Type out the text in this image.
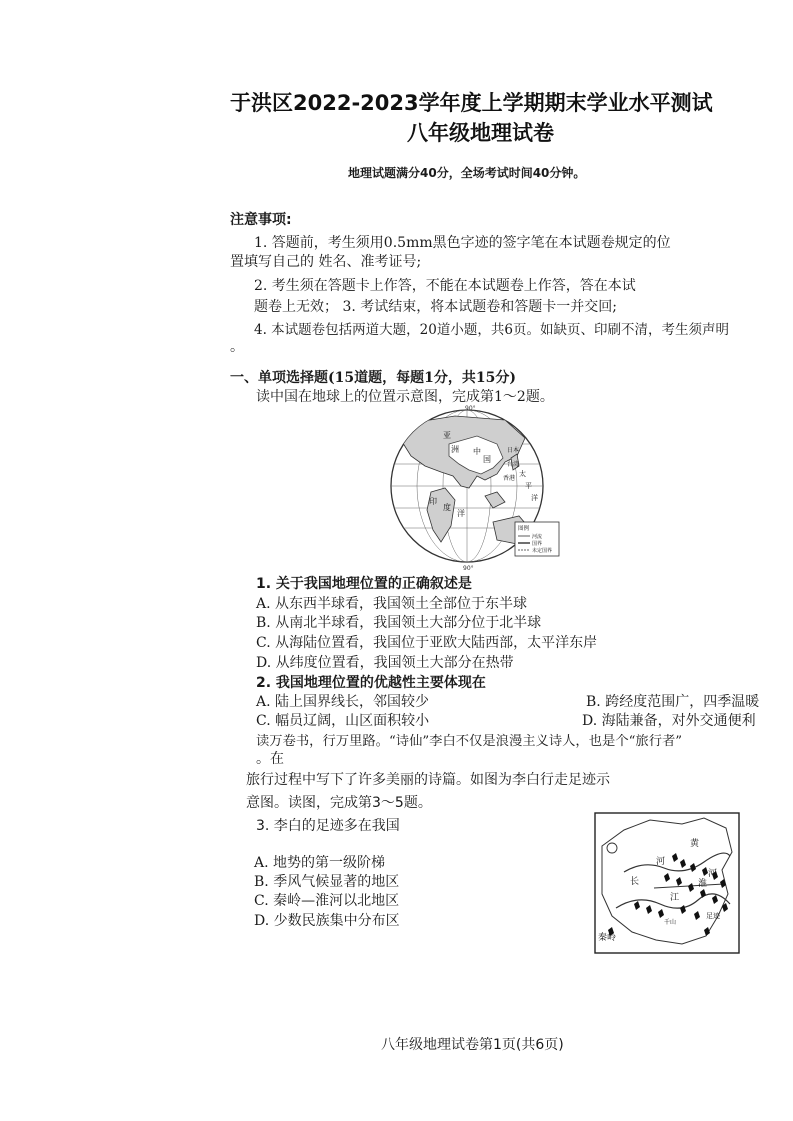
于洪区2022-2023学年度上学期期末学业水平测试
八年级地理试卷
地理试题满分40分，全场考试时间40分钟。
注意事项:
1. 答题前，考生须用0.5mm黑色字迹的签字笔在本试题卷规定的位
置填写自己的 姓名、准考证号;
2. 考生须在答题卡上作答，不能在本试题卷上作答，答在本试
题卷上无效； 3. 考试结束，将本试题卷和答题卡一并交回;
4. 本试题卷包括两道大题，20道小题，共6页。如缺页、印刷不清，考生须声明
。
一、单项选择题(15道题，每题1分，共15分)
读中国在地球上的位置示意图，完成第1～2题。
90°
90°
亚
洲 中
国
太
平
洋
印
度
洋
日本
台湾
香港
图例
河流
国界
未定国界
1. 关于我国地理位置的正确叙述是
A. 从东西半球看，我国领土全部位于东半球
B. 从南北半球看，我国领土大部分位于北半球
C. 从海陆位置看，我国位于亚欧大陆西部，太平洋东岸
D. 从纬度位置看，我国领土大部分在热带
2. 我国地理位置的优越性主要体现在
A. 陆上国界线长，邻国较少	B. 跨经度范围广，四季温暖
C. 幅员辽阔，山区面积较小	D. 海陆兼备，对外交通便利
读万卷书，行万里路。“诗仙”李白不仅是浪漫主义诗人，也是个“旅行者”
。在
旅行过程中写下了许多美丽的诗篇。如图为李白行走足迹示
意图。读图，完成第3～5题。
3. 李白的足迹多在我国
A. 地势的第一级阶梯
B. 季风气候显著的地区
C. 秦岭—淮河以北地区
D. 少数民族集中分布区
河
黄
长
江
淮
河
足迹
千山
秦岭
八年级地理试卷第1页(共6页)
